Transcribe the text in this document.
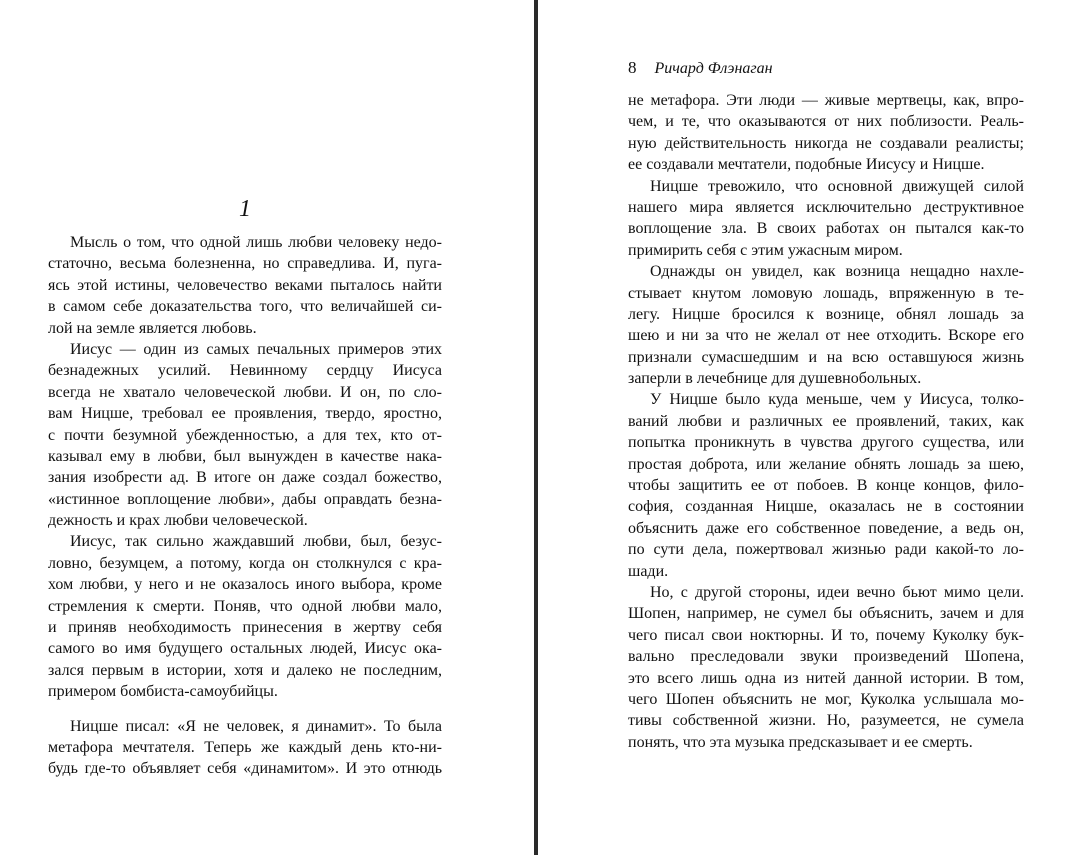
1
Мысль о том, что одной лишь любви человеку недо-
статочно, весьма болезненна, но справедлива. И, пуга-
ясь этой истины, человечество веками пыталось найти
в самом себе доказательства того, что величайшей си-
лой на земле является любовь.
Иисус — один из самых печальных примеров этих
безнадежных усилий. Невинному сердцу Иисуса
всегда не хватало человеческой любви. И он, по сло-
вам Ницше, требовал ее проявления, твердо, яростно,
с почти безумной убежденностью, а для тех, кто от-
казывал ему в любви, был вынужден в качестве нака-
зания изобрести ад. В итоге он даже создал божество,
«истинное воплощение любви», дабы оправдать безна-
дежность и крах любви человеческой.
Иисус, так сильно жаждавший любви, был, безус-
ловно, безумцем, а потому, когда он столкнулся с кра-
хом любви, у него и не оказалось иного выбора, кроме
стремления к смерти. Поняв, что одной любви мало,
и приняв необходимость принесения в жертву себя
самого во имя будущего остальных людей, Иисус ока-
зался первым в истории, хотя и далеко не последним,
примером бомбиста-самоубийцы.
Ницше писал: «Я не человек, я динамит». То была
метафора мечтателя. Теперь же каждый день кто-ни-
будь где-то объявляет себя «динамитом». И это отнюдь
8 Ричард Флэнаган
не метафора. Эти люди — живые мертвецы, как, впро-
чем, и те, что оказываются от них поблизости. Реаль-
ную действительность никогда не создавали реалисты;
ее создавали мечтатели, подобные Иисусу и Ницше.
Ницше тревожило, что основной движущей силой
нашего мира является исключительно деструктивное
воплощение зла. В своих работах он пытался как-то
примирить себя с этим ужасным миром.
Однажды он увидел, как возница нещадно нахле-
стывает кнутом ломовую лошадь, впряженную в те-
легу. Ницше бросился к вознице, обнял лошадь за
шею и ни за что не желал от нее отходить. Вскоре его
признали сумасшедшим и на всю оставшуюся жизнь
заперли в лечебнице для душевнобольных.
У Ницше было куда меньше, чем у Иисуса, толко-
ваний любви и различных ее проявлений, таких, как
попытка проникнуть в чувства другого существа, или
простая доброта, или желание обнять лошадь за шею,
чтобы защитить ее от побоев. В конце концов, фило-
софия, созданная Ницше, оказалась не в состоянии
объяснить даже его собственное поведение, а ведь он,
по сути дела, пожертвовал жизнью ради какой-то ло-
шади.
Но, с другой стороны, идеи вечно бьют мимо цели.
Шопен, например, не сумел бы объяснить, зачем и для
чего писал свои ноктюрны. И то, почему Куколку бук-
вально преследовали звуки произведений Шопена,
это всего лишь одна из нитей данной истории. В том,
чего Шопен объяснить не мог, Куколка услышала мо-
тивы собственной жизни. Но, разумеется, не сумела
понять, что эта музыка предсказывает и ее смерть.
